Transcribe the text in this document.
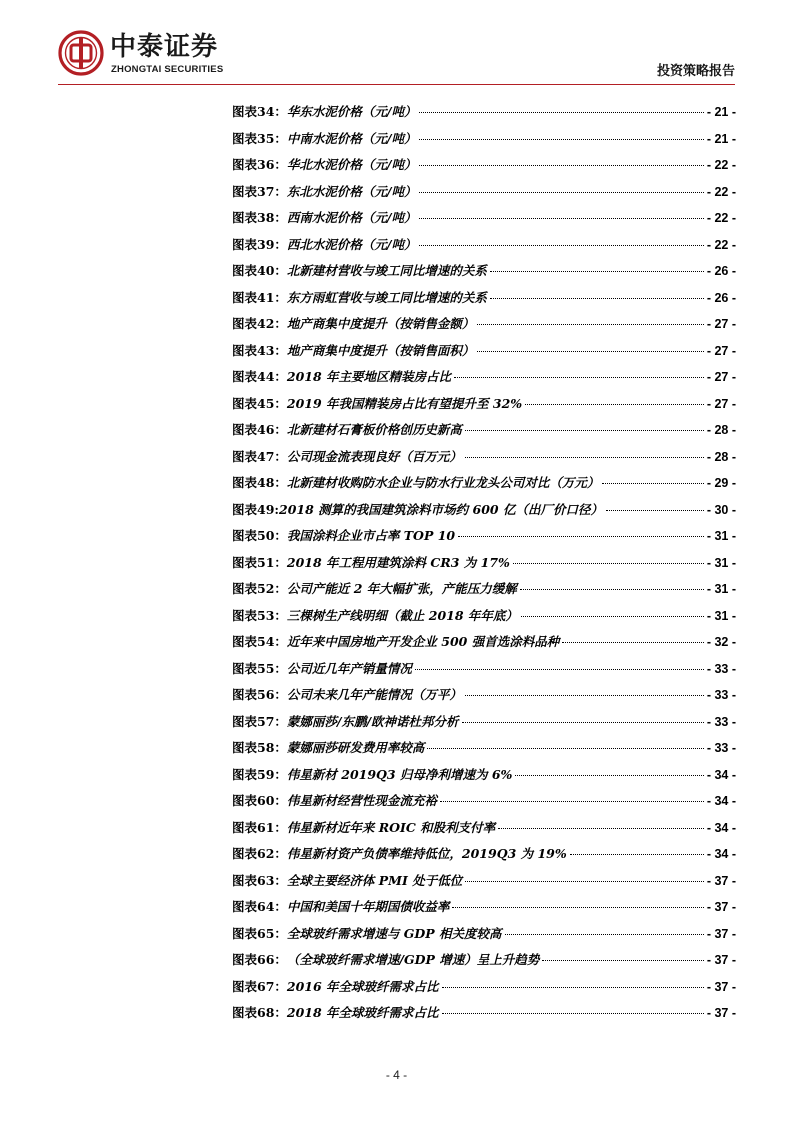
中泰证券
ZHONGTAI SECURITIES	投资策略报告
图表34： 华东水泥价格（元/吨）	- 21 -
图表35： 中南水泥价格（元/吨）	- 21 -
图表36： 华北水泥价格（元/吨）	- 22 -
图表37： 东北水泥价格（元/吨）	- 22 -
图表38： 西南水泥价格（元/吨）	- 22 -
图表39： 西北水泥价格（元/吨）	- 22 -
图表40： 北新建材营收与竣工同比增速的关系	- 26 -
图表41： 东方雨虹营收与竣工同比增速的关系	- 26 -
图表42： 地产商集中度提升（按销售金额）	- 27 -
图表43： 地产商集中度提升（按销售面积）	- 27 -
图表44： 2018 年主要地区精装房占比	- 27 -
图表45： 2019 年我国精装房占比有望提升至 32%	- 27 -
图表46： 北新建材石膏板价格创历史新高	- 28 -
图表47： 公司现金流表现良好（百万元）	- 28 -
图表48： 北新建材收购防水企业与防水行业龙头公司对比（万元）	- 29 -
图表49: 2018 测算的我国建筑涂料市场约 600 亿（出厂价口径）	- 30 -
图表50： 我国涂料企业市占率 TOP 10	- 31 -
图表51： 2018 年工程用建筑涂料 CR3 为 17%	- 31 -
图表52： 公司产能近 2 年大幅扩张，产能压力缓解	- 31 -
图表53： 三棵树生产线明细（截止 2018 年年底）	- 31 -
图表54： 近年来中国房地产开发企业 500 强首选涂料品种	- 32 -
图表55： 公司近几年产销量情况	- 33 -
图表56： 公司未来几年产能情况（万平）	- 33 -
图表57： 蒙娜丽莎/东鹏/欧神诺杜邦分析	- 33 -
图表58： 蒙娜丽莎研发费用率较高	- 33 -
图表59： 伟星新材 2019Q3 归母净利增速为 6%	- 34 -
图表60： 伟星新材经营性现金流充裕	- 34 -
图表61： 伟星新材近年来 ROIC 和股利支付率	- 34 -
图表62： 伟星新材资产负债率维持低位，2019Q3 为 19%	- 34 -
图表63： 全球主要经济体 PMI 处于低位	- 37 -
图表64： 中国和美国十年期国债收益率	- 37 -
图表65： 全球玻纤需求增速与 GDP 相关度较高	- 37 -
图表66： （全球玻纤需求增速/GDP 增速）呈上升趋势	- 37 -
图表67： 2016 年全球玻纤需求占比	- 37 -
图表68： 2018 年全球玻纤需求占比	- 37 -
- 4 -
